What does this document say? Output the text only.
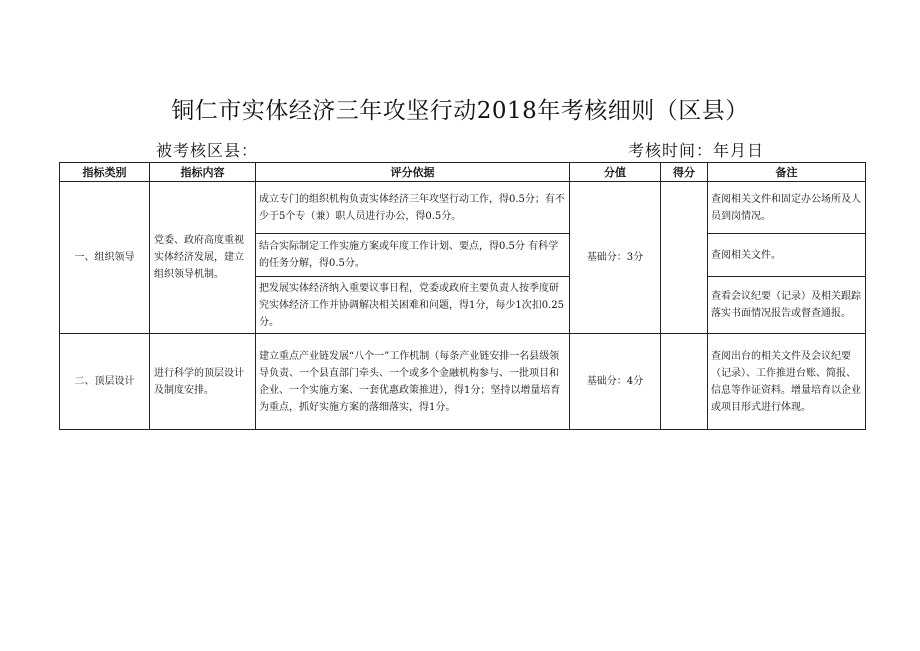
铜仁市实体经济三年攻坚行动2018年考核细则（区县）
被考核区县：	考核时间：年月日
指标类别	指标内容	评分依据	分值	得分	备注
一、组织领导	党委、政府高度重视实体经济发展，建立组织领导机制。	成立专门的组织机构负责实体经济三年攻坚行动工作，得0.5分；有不少于5个专（兼）职人员进行办公，得0.5分。	基础分：3分		查阅相关文件和固定办公场所及人员到岗情况。
		结合实际制定工作实施方案或年度工作计划、要点，得0.5分 有科学的任务分解，得0.5分。			查阅相关文件。
		把发展实体经济纳入重要议事日程，党委或政府主要负责人按季度研究实体经济工作并协调解决相关困难和问题，得1分，每少1次扣0.25分。			查看会议纪要（记录）及相关跟踪落实书面情况报告或督查通报。
二、顶层设计	进行科学的顶层设计及制度安排。	建立重点产业链发展“八个一”工作机制（每条产业链安排一名县级领导负责、一个县直部门牵头、一个或多个金融机构参与、一批项目和企业、一个实施方案、一套优惠政策推进），得1分；坚持以增量培育为重点，抓好实施方案的落细落实，得1分。	基础分：4分		查阅出台的相关文件及会议纪要（记录）、工作推进台账、简报、信息等作证资料。增量培育以企业或项目形式进行体现。
